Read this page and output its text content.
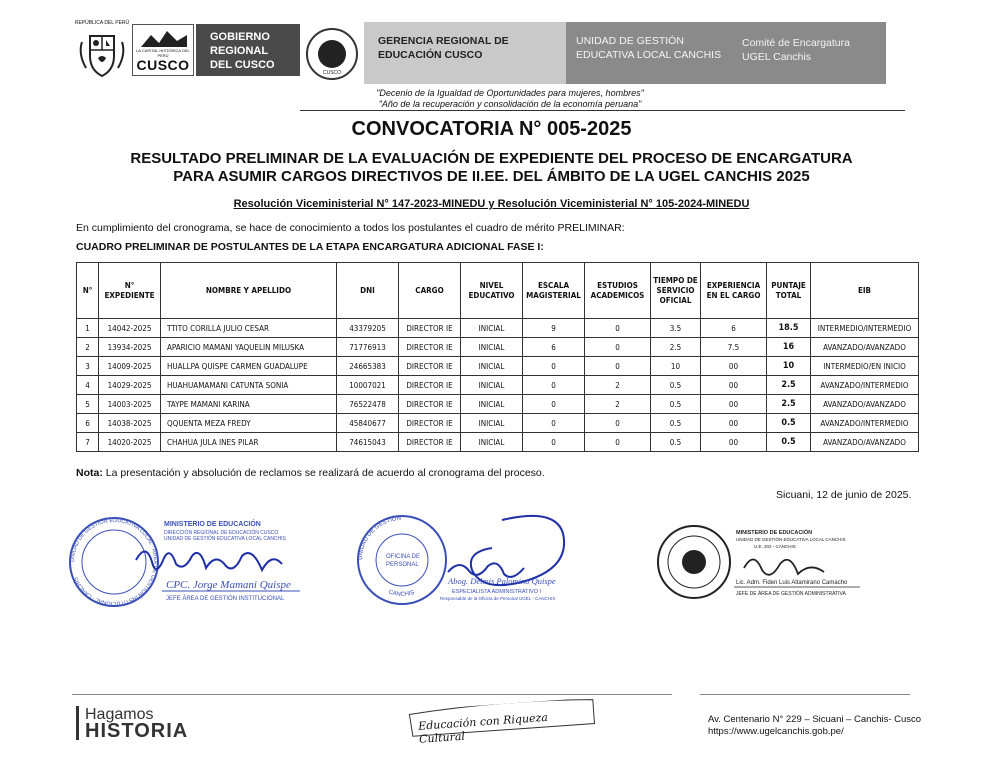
REPÚBLICA DEL PERÚ
LA CAPITAL HISTÓRICA DEL PERÚ
CUSCO
GOBIERNO
REGIONAL
DEL CUSCO
CUSCO
GERENCIA REGIONAL DE
EDUCACIÓN CUSCO
UNIDAD DE GESTIÓN
EDUCATIVA LOCAL CANCHIS
Comité de Encargatura
UGEL Canchis
"Decenio de la Igualdad de Oportunidades para mujeres, hombres"
"Año de la recuperación y consolidación de la economía peruana"
CONVOCATORIA N° 005-2025
RESULTADO PRELIMINAR DE LA EVALUACIÓN DE EXPEDIENTE DEL PROCESO DE ENCARGATURA
PARA ASUMIR CARGOS DIRECTIVOS DE II.EE. DEL ÁMBITO DE LA UGEL CANCHIS 2025
Resolución Viceministerial N° 147-2023-MINEDU y Resolución Viceministerial N° 105-2024-MINEDU
En cumplimiento del cronograma, se hace de conocimiento a todos los postulantes el cuadro de mérito PRELIMINAR:
CUADRO PRELIMINAR DE POSTULANTES DE LA ETAPA ENCARGATURA ADICIONAL FASE I:
N°	N° EXPEDIENTE	NOMBRE Y APELLIDO	DNI	CARGO	NIVEL EDUCATIVO	ESCALA MAGISTERIAL	ESTUDIOS ACADEMICOS	TIEMPO DE SERVICIO OFICIAL	EXPERIENCIA EN EL CARGO	PUNTAJE TOTAL	EIB
1	14042-2025	TTITO CORILLA JULIO CESAR	43379205	DIRECTOR IE	INICIAL	9	0	3.5	6	18.5	INTERMEDIO/INTERMEDIO
2	13934-2025	APARICIO MAMANI YAQUELIN MILUSKA	71776913	DIRECTOR IE	INICIAL	6	0	2.5	7.5	16	AVANZADO/AVANZADO
3	14009-2025	HUALLPA QUISPE CARMEN GUADALUPE	24665383	DIRECTOR IE	INICIAL	0	0	10	00	10	INTERMEDIO/EN INICIO
4	14029-2025	HUAHUAMAMANI CATUNTA SONIA	10007021	DIRECTOR IE	INICIAL	0	2	0.5	00	2.5	AVANZADO/INTERMEDIO
5	14003-2025	TAYPE MAMANI KARINA	76522478	DIRECTOR IE	INICIAL	0	2	0.5	00	2.5	AVANZADO/AVANZADO
6	14038-2025	QQUENTA MEZA FREDY	45840677	DIRECTOR IE	INICIAL	0	0	0.5	00	0.5	AVANZADO/INTERMEDIO
7	14020-2025	CHAHUA JULA INES PILAR	74615043	DIRECTOR IE	INICIAL	0	0	0.5	00	0.5	AVANZADO/AVANZADO
Nota: La presentación y absolución de reclamos se realizará de acuerdo al cronograma del proceso.
Sicuani, 12 de junio de 2025.
UNIDAD DE GESTIÓN EDUCATIVA LOCAL · AREA DE GESTIÓN INSTITUCIONAL · CANCHIS
MINISTERIO DE EDUCACIÓN
DIRECCIÓN REGIONAL DE EDUCACIÓN CUSCO
UNIDAD DE GESTIÓN EDUCATIVA LOCAL CANCHIS
CPC. Jorge Mamani Quispe
JEFE ÁREA DE GESTIÓN INSTITUCIONAL
UNIDAD DE GESTIÓN
CANCHIS
OFICINA DE
PERSONAL
Abog. Delmis Palomino Quispe
ESPECIALISTA ADMINISTRATIVO I
Responsable de la Oficina de Personal UGEL - CANCHIS
MINISTERIO DE EDUCACIÓN
UNIDAD DE GESTIÓN EDUCATIVA LOCAL CANCHIS
U.E. 302 - CANCHIS
Lic. Adm. Fiden Luis Altamirano Camacho
JEFE DE ÁREA DE GESTIÓN ADMINISTRATIVA
Hagamos
HISTORIA	Educación con Riqueza Cultural
Av. Centenario N° 229 – Sicuani – Canchis- Cusco
https://www.ugelcanchis.gob.pe/
